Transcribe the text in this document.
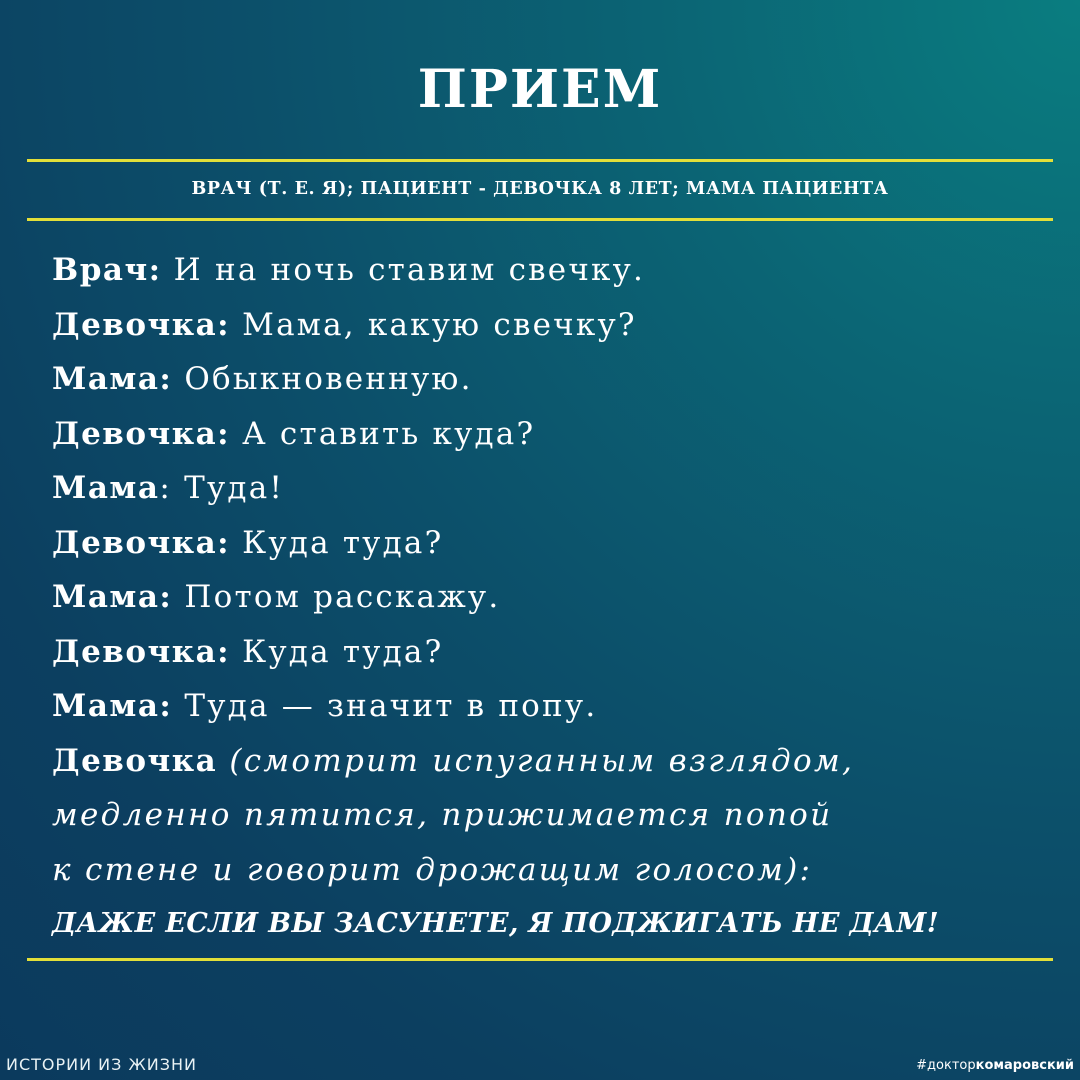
ПРИЕМ
ВРАЧ (Т. Е. Я); ПАЦИЕНТ - ДЕВОЧКА 8 ЛЕТ; МАМА ПАЦИЕНТА
Врач: И на ночь ставим свечку.
Девочка: Мама, какую свечку?
Мама: Обыкновенную.
Девочка: А ставить куда?
Мама: Туда!
Девочка: Куда туда?
Мама: Потом расскажу.
Девочка: Куда туда?
Мама: Туда — значит в попу.
Девочка (смотрит испуганным взглядом,
медленно пятится, прижимается попой
к стене и говорит дрожащим голосом):
ДАЖЕ ЕСЛИ ВЫ ЗАСУНЕТЕ, Я ПОДЖИГАТЬ НЕ ДАМ!
ИСТОРИИ ИЗ ЖИЗНИ	#докторкомаровский
